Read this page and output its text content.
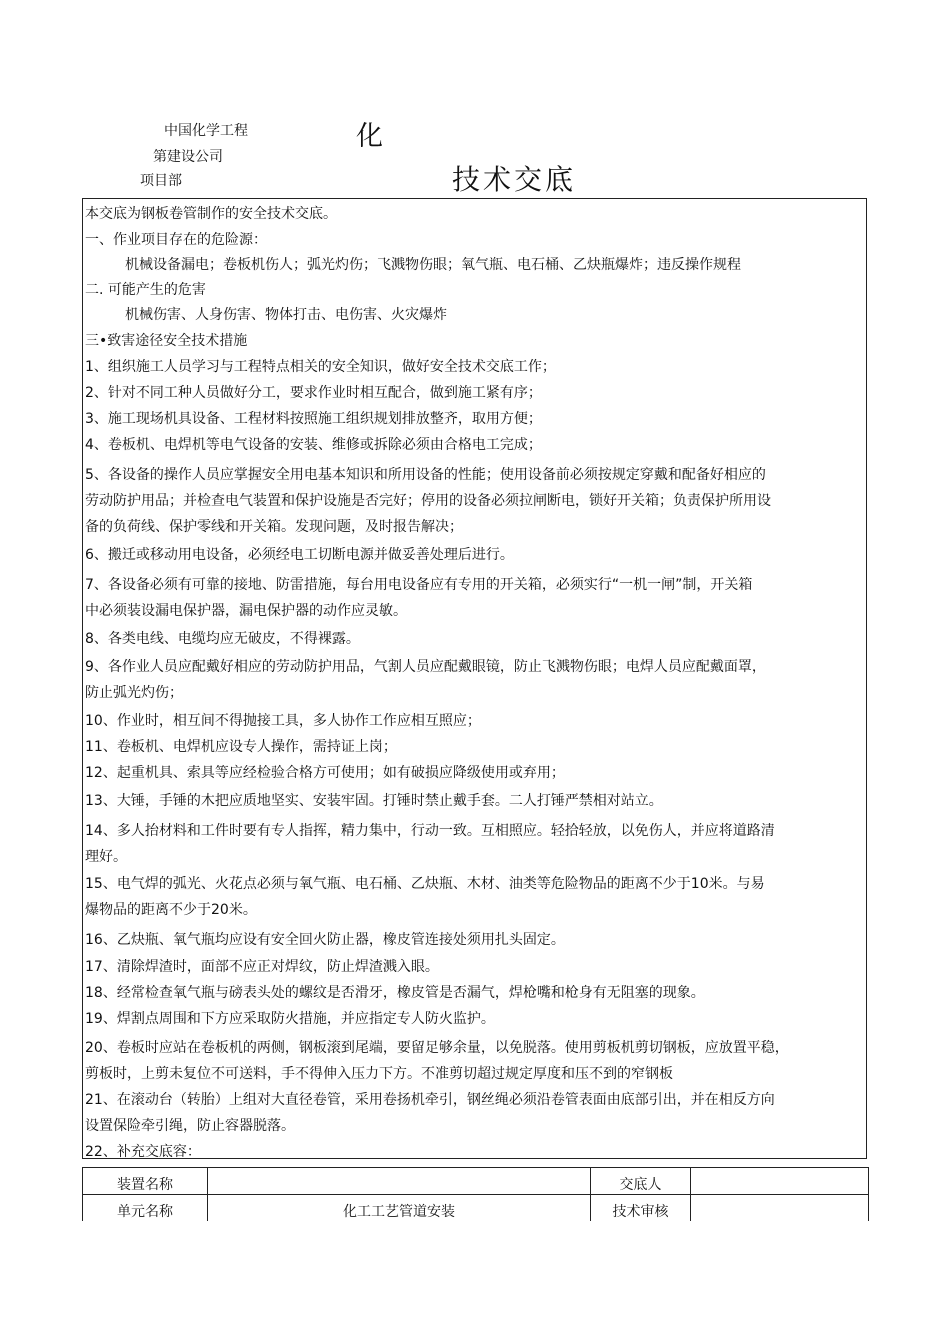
中国化学工程
第建设公司
项目部
化
技术交底
本交底为钢板卷管制作的安全技术交底。
一、作业项目存在的危险源：
机械设备漏电；卷板机伤人；弧光灼伤；飞溅物伤眼；氧气瓶、电石桶、乙炔瓶爆炸；违反操作规程
二. 可能产生的危害
机械伤害、人身伤害、物体打击、电伤害、火灾爆炸
三•致害途径安全技术措施
1、组织施工人员学习与工程特点相关的安全知识，做好安全技术交底工作；
2、针对不同工种人员做好分工，要求作业时相互配合，做到施工紧有序；
3、施工现场机具设备、工程材料按照施工组织规划排放整齐，取用方便；
4、卷板机、电焊机等电气设备的安装、维修或拆除必须由合格电工完成；
5、各设备的操作人员应掌握安全用电基本知识和所用设备的性能；使用设备前必须按规定穿戴和配备好相应的
劳动防护用品；并检查电气装置和保护设施是否完好；停用的设备必须拉闸断电，锁好开关箱；负责保护所用设
备的负荷线、保护零线和开关箱。发现问题，及时报告解决；
6、搬迁或移动用电设备，必须经电工切断电源并做妥善处理后进行。
7、各设备必须有可靠的接地、防雷措施，每台用电设备应有专用的开关箱，必须实行“一机一闸”制，开关箱
中必须装设漏电保护器，漏电保护器的动作应灵敏。
8、各类电线、电缆均应无破皮，不得裸露。
9、各作业人员应配戴好相应的劳动防护用品，气割人员应配戴眼镜，防止飞溅物伤眼；电焊人员应配戴面罩，
防止弧光灼伤；
10、作业时，相互间不得抛接工具，多人协作工作应相互照应；
11、卷板机、电焊机应设专人操作，需持证上岗；
12、起重机具、索具等应经检验合格方可使用；如有破损应降级使用或弃用；
13、大锤，手锤的木把应质地坚实、安装牢固。打锤时禁止戴手套。二人打锤严禁相对站立。
14、多人抬材料和工件时要有专人指挥，精力集中，行动一致。互相照应。轻拾轻放，以免伤人，并应将道路清
理好。
15、电气焊的弧光、火花点必须与氧气瓶、电石桶、乙炔瓶、木材、油类等危险物品的距离不少于10米。与易
爆物品的距离不少于20米。
16、乙炔瓶、氧气瓶均应设有安全回火防止器，橡皮管连接处须用扎头固定。
17、清除焊渣时，面部不应正对焊纹，防止焊渣溅入眼。
18、经常检查氧气瓶与磅表头处的螺纹是否滑牙，橡皮管是否漏气，焊枪嘴和枪身有无阻塞的现象。
19、焊割点周围和下方应采取防火措施，并应指定专人防火监护。
20、卷板时应站在卷板机的两侧，钢板滚到尾端，要留足够余量，以免脱落。使用剪板机剪切钢板，应放置平稳，
剪板时，上剪未复位不可送料，手不得伸入压力下方。不准剪切超过规定厚度和压不到的窄钢板
21、在滚动台（转胎）上组对大直径卷管，采用卷扬机牵引，钢丝绳必须沿卷管表面由底部引出，并在相反方向
设置保险牵引绳，防止容器脱落。
22、补充交底容：
装置名称		交底人	
单元名称	化工工艺管道安装	技术审核	
